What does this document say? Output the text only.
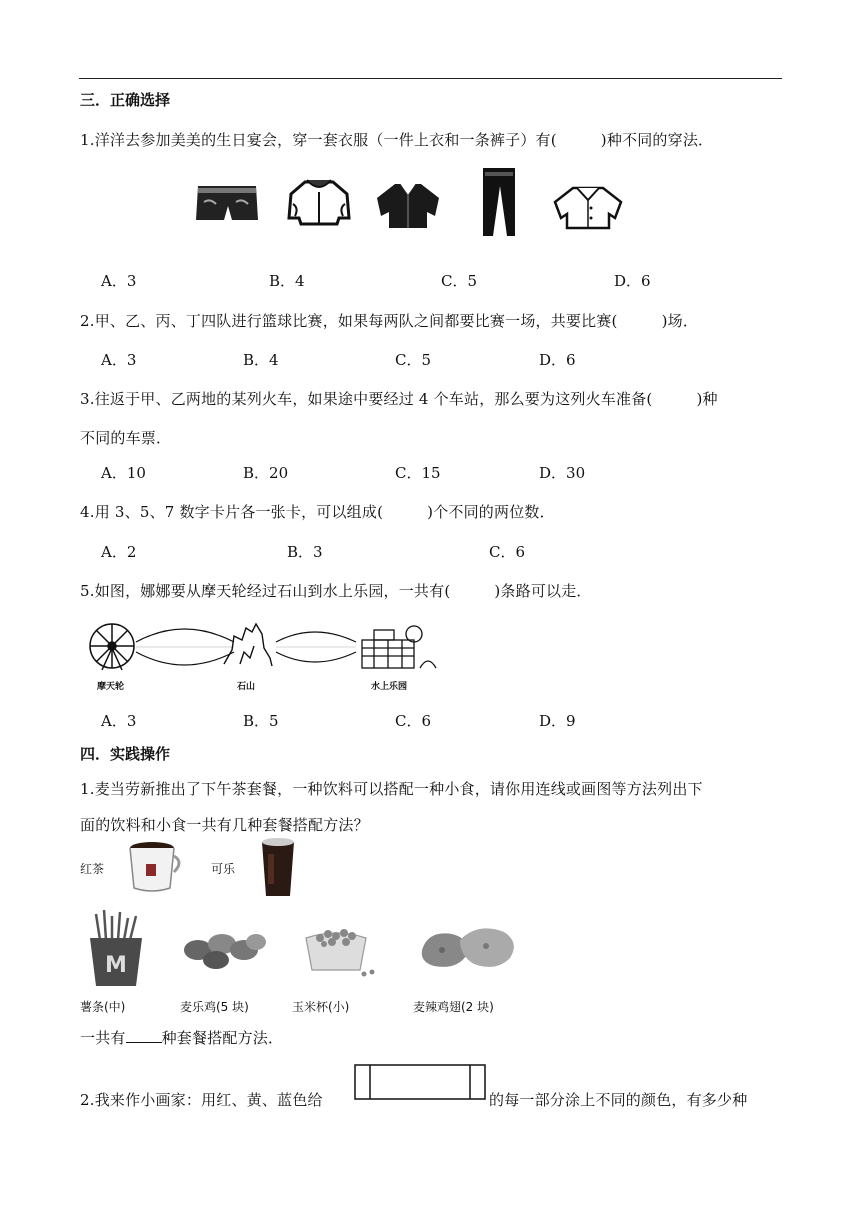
三．正确选择
1.洋洋去参加美美的生日宴会，穿一套衣服（一件上衣和一条裤子）有(	)种不同的穿法．
A．3	B．4	C．5	D．6
2.甲、乙、丙、丁四队进行篮球比赛，如果每两队之间都要比赛一场，共要比赛(	)场．
A．3	B．4	C．5	D．6
3.往返于甲、乙两地的某列火车，如果途中要经过 4 个车站，那么要为这列火车准备(	)种
不同的车票．
A．10	B．20	C．15	D．30
4.用 3、5、7 数字卡片各一张卡，可以组成(	)个不同的两位数．
A．2	B．3	C．6
5.如图，娜娜要从摩天轮经过石山到水上乐园，一共有(	)条路可以走．
摩天轮	石山	水上乐园
A．3	B．5	C．6	D．9
四．实践操作
1.麦当劳新推出了下午茶套餐，一种饮料可以搭配一种小食，请你用连线或画图等方法列出下
面的饮料和小食一共有几种套餐搭配方法？
红茶	可乐
M
薯条(中)	麦乐鸡(5 块)	玉米杯(小)	麦辣鸡翅(2 块)
一共有 种套餐搭配方法．
2.我来作小画家：用红、黄、蓝色给	的每一部分涂上不同的颜色，有多少种
